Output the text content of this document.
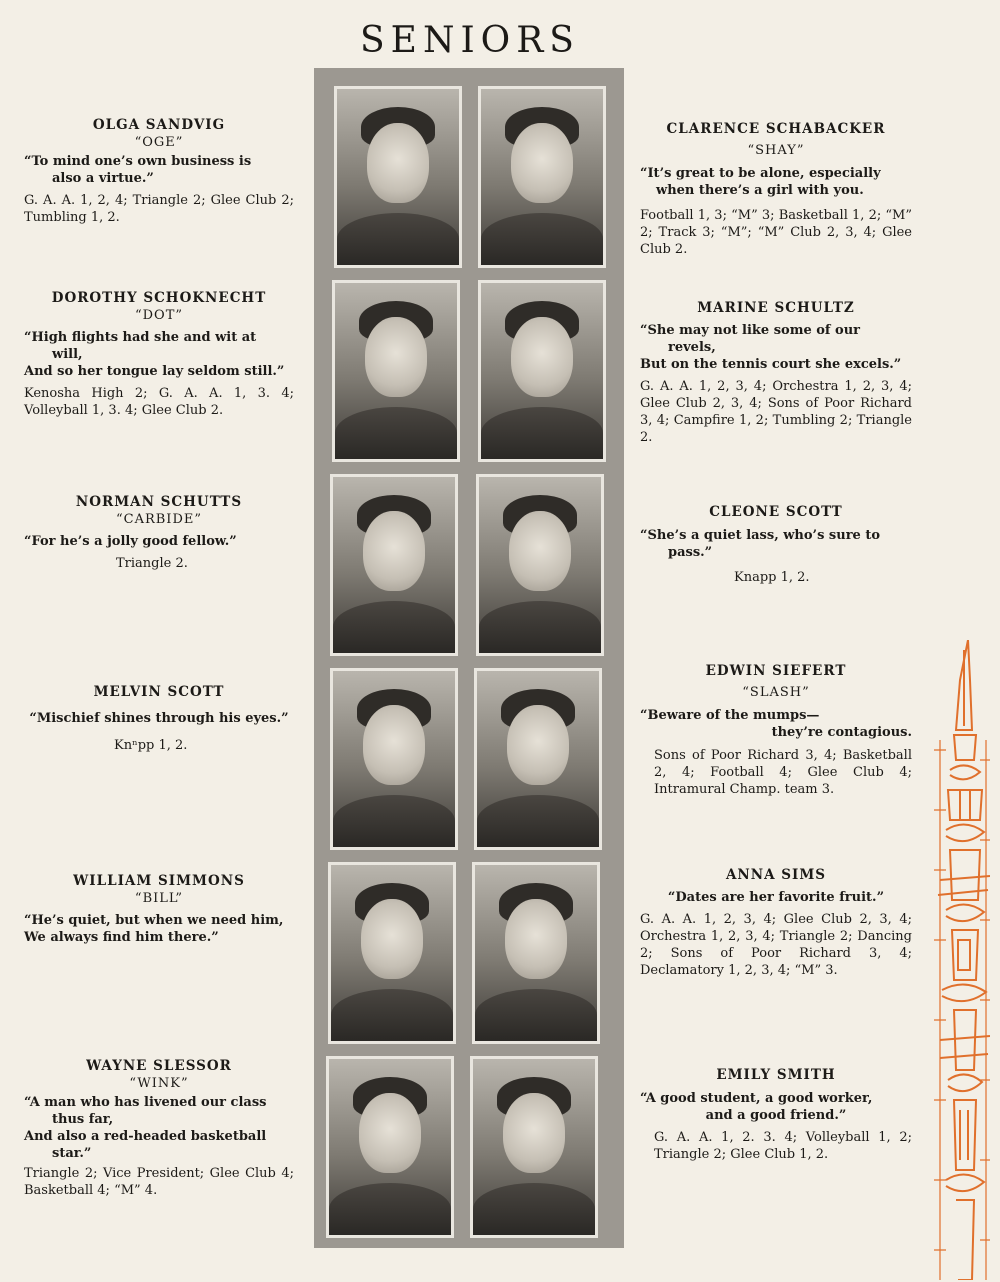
SENIORS
OLGA SANDVIG
“OGE”
“To mind one’s own business is
also a virtue.”
G. A. A. 1, 2, 4; Triangle 2; Glee Club 2; Tumbling 1, 2.
DOROTHY SCHOKNECHT
“DOT”
“High flights had she and wit at
will,
And so her tongue lay seldom still.”
Kenosha High 2; G. A. A. 1, 3. 4; Volleyball 1, 3. 4; Glee Club 2.
NORMAN SCHUTTS
“CARBIDE”
“For he’s a jolly good fellow.”
Triangle 2.
MELVIN SCOTT
“Mischief shines through his eyes.”
Knⁿpp 1, 2.
WILLIAM SIMMONS
“BILL”
“He’s quiet, but when we need him,
We always find him there.”
WAYNE SLESSOR
“WINK”
“A man who has livened our class
thus far,
And also a red-headed basketball
star.”
Triangle 2; Vice President; Glee Club 4; Basketball 4; “M” 4.
CLARENCE SCHABACKER
“SHAY”
“It’s great to be alone, especially
when there’s a girl with you.
Football 1, 3; “M” 3; Basketball 1, 2; “M” 2; Track 3; “M”; “M” Club 2, 3, 4; Glee Club 2.
MARINE SCHULTZ
“She may not like some of our
revels,
But on the tennis court she excels.”
G. A. A. 1, 2, 3, 4; Orchestra 1, 2, 3, 4; Glee Club 2, 3, 4; Sons of Poor Richard 3, 4; Campfire 1, 2; Tumbling 2; Triangle 2.
CLEONE SCOTT
“She’s a quiet lass, who’s sure to
pass.”
Knapp 1, 2.
EDWIN SIEFERT
“SLASH”
“Beware of the mumps—
they’re contagious.
Sons of Poor Richard 3, 4; Basketball 2, 4; Football 4; Glee Club 4; Intramural Champ. team 3.
ANNA SIMS
“Dates are her favorite fruit.”
G. A. A. 1, 2, 3, 4; Glee Club 2, 3, 4; Orchestra 1, 2, 3, 4; Triangle 2; Dancing 2; Sons of Poor Richard 3, 4; Declamatory 1, 2, 3, 4; “M” 3.
EMILY SMITH
“A good student, a good worker,
and a good friend.”
G. A. A. 1, 2. 3. 4; Volleyball 1, 2; Triangle 2; Glee Club 1, 2.
